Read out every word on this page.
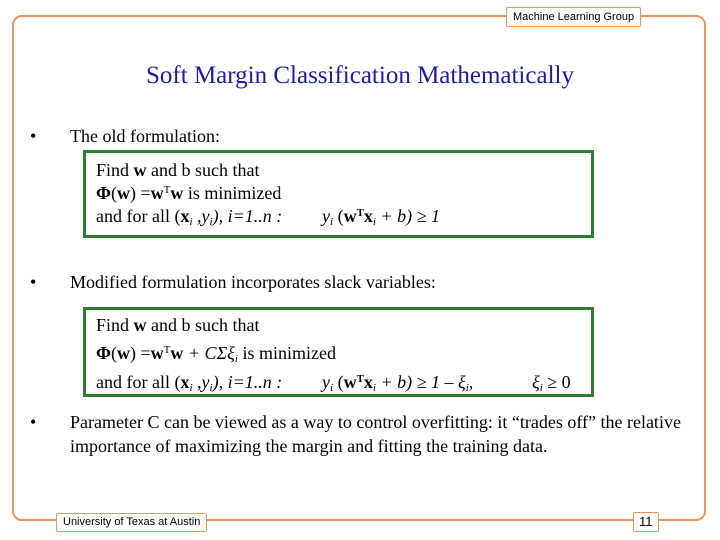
Machine Learning Group
Soft Margin Classification Mathematically
• The old formulation:
Find w and b such that
$\Phi(w) =w^Tw$ is minimized
and for all ($x_i$ $,y_i$), i=1..n : $y_i$ $(w^Tx_i + b) \ge 1$
• Modified formulation incorporates slack variables:
Find w and b such that
$\Phi(w) =w^Tw + C\Sigma\xi_i$ is minimized
and for all ($x_i$ $,y_i$), i=1..n : $y_i$ $(w^Tx_i + b) \ge 1 - \xi_i$,	$\xi_i \ge 0$
• Parameter C can be viewed as a way to control overfitting: it “trades off” the relative importance of maximizing the margin and fitting the training data.
University of Texas at Austin	11
